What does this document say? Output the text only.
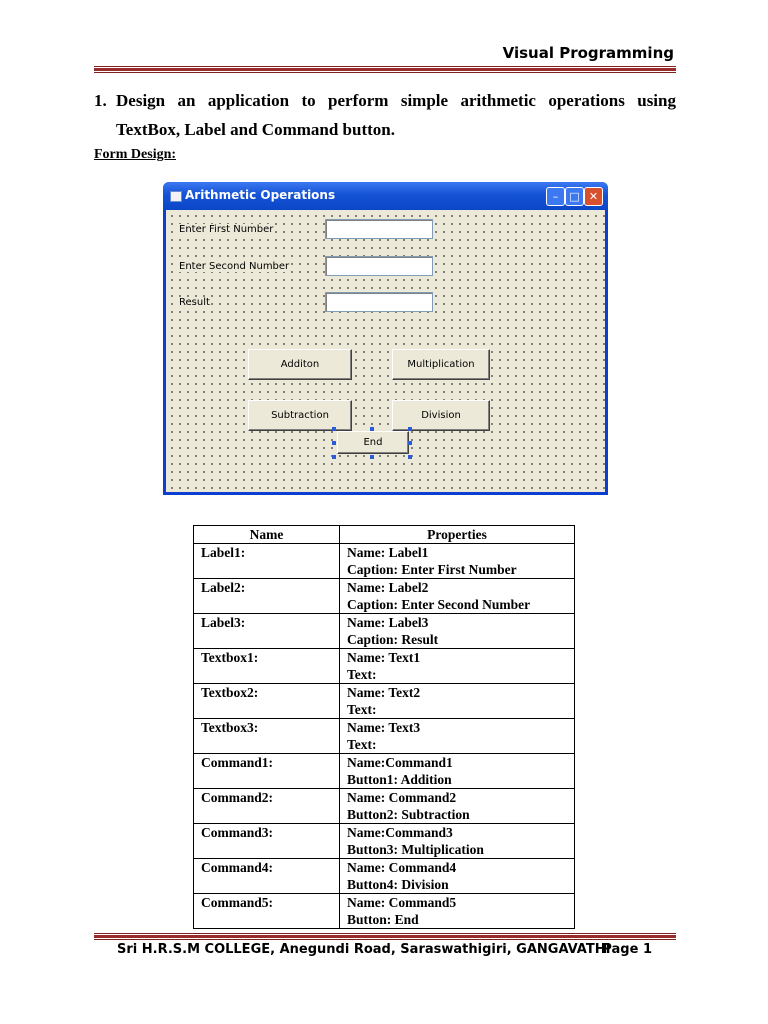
Visual Programming
1. Design an application to perform simple arithmetic operations using TextBox, Label and Command button.
Form Design:
Arithmetic Operations	–	□ ✕
Enter First Number
Enter Second Number
Result
Additon	Multiplication
Subtraction	Division
End
Name	Properties
Label1:	Name: Label1
Caption: Enter First Number

Label2:	Name: Label2
Caption: Enter Second Number

Label3:	Name: Label3
Caption: Result

Textbox1:	Name: Text1
Text:

Textbox2:	Name: Text2
Text:

Textbox3:	Name: Text3
Text:

Command1:	Name:Command1
Button1: Addition

Command2:	Name: Command2
Button2: Subtraction

Command3:	Name:Command3
Button3: Multiplication

Command4:	Name: Command4
Button4: Division

Command5:	Name: Command5
Button: End
Sri H.R.S.M COLLEGE, Anegundi Road, Saraswathigiri, GANGAVATHI
Page 1
